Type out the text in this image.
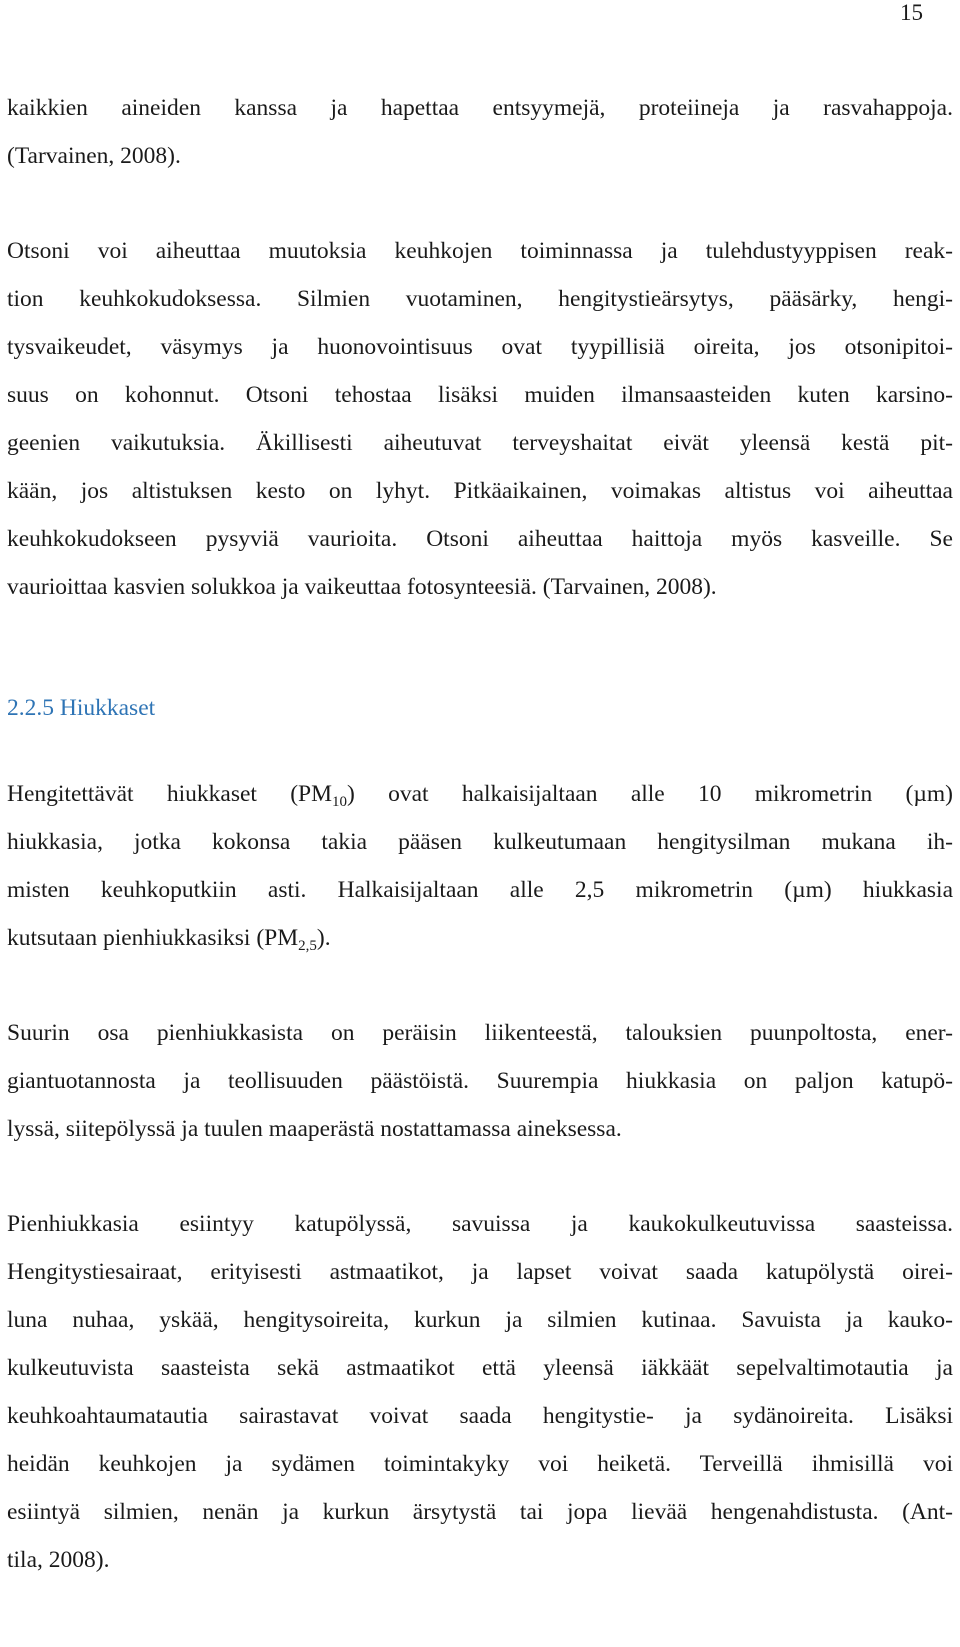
15
kaikkien aineiden kanssa ja hapettaa entsyymejä, proteiineja ja rasvahappoja.
(Tarvainen, 2008).
Otsoni voi aiheuttaa muutoksia keuhkojen toiminnassa ja tulehdustyyppisen reak-
tion keuhkokudoksessa. Silmien vuotaminen, hengitystieärsytys, pääsärky, hengi-
tysvaikeudet, väsymys ja huonovointisuus ovat tyypillisiä oireita, jos otsonipitoi-
suus on kohonnut. Otsoni tehostaa lisäksi muiden ilmansaasteiden kuten karsino-
geenien vaikutuksia. Äkillisesti aiheutuvat terveyshaitat eivät yleensä kestä pit-
kään, jos altistuksen kesto on lyhyt. Pitkäaikainen, voimakas altistus voi aiheuttaa
keuhkokudokseen pysyviä vaurioita. Otsoni aiheuttaa haittoja myös kasveille. Se
vaurioittaa kasvien solukkoa ja vaikeuttaa fotosynteesiä. (Tarvainen, 2008).
2.2.5 Hiukkaset
Hengitettävät hiukkaset $(PM_{10})$ ovat halkaisijaltaan alle 10 mikrometrin (µm)
hiukkasia, jotka kokonsa takia pääsen kulkeutumaan hengitysilman mukana ih-
misten keuhkoputkiin asti. Halkaisijaltaan alle 2,5 mikrometrin (µm) hiukkasia
kutsutaan pienhiukkasiksi $(PM_{2,5})$.
Suurin osa pienhiukkasista on peräisin liikenteestä, talouksien puunpoltosta, ener-
giantuotannosta ja teollisuuden päästöistä. Suurempia hiukkasia on paljon katupö-
lyssä, siitepölyssä ja tuulen maaperästä nostattamassa aineksessa.
Pienhiukkasia esiintyy katupölyssä, savuissa ja kaukokulkeutuvissa saasteissa.
Hengitystiesairaat, erityisesti astmaatikot, ja lapset voivat saada katupölystä oirei-
luna nuhaa, yskää, hengitysoireita, kurkun ja silmien kutinaa. Savuista ja kauko-
kulkeutuvista saasteista sekä astmaatikot että yleensä iäkkäät sepelvaltimotautia ja
keuhkoahtaumatautia sairastavat voivat saada hengitystie- ja sydänoireita. Lisäksi
heidän keuhkojen ja sydämen toimintakyky voi heiketä. Terveillä ihmisillä voi
esiintyä silmien, nenän ja kurkun ärsytystä tai jopa lievää hengenahdistusta. (Ant-
tila, 2008).
